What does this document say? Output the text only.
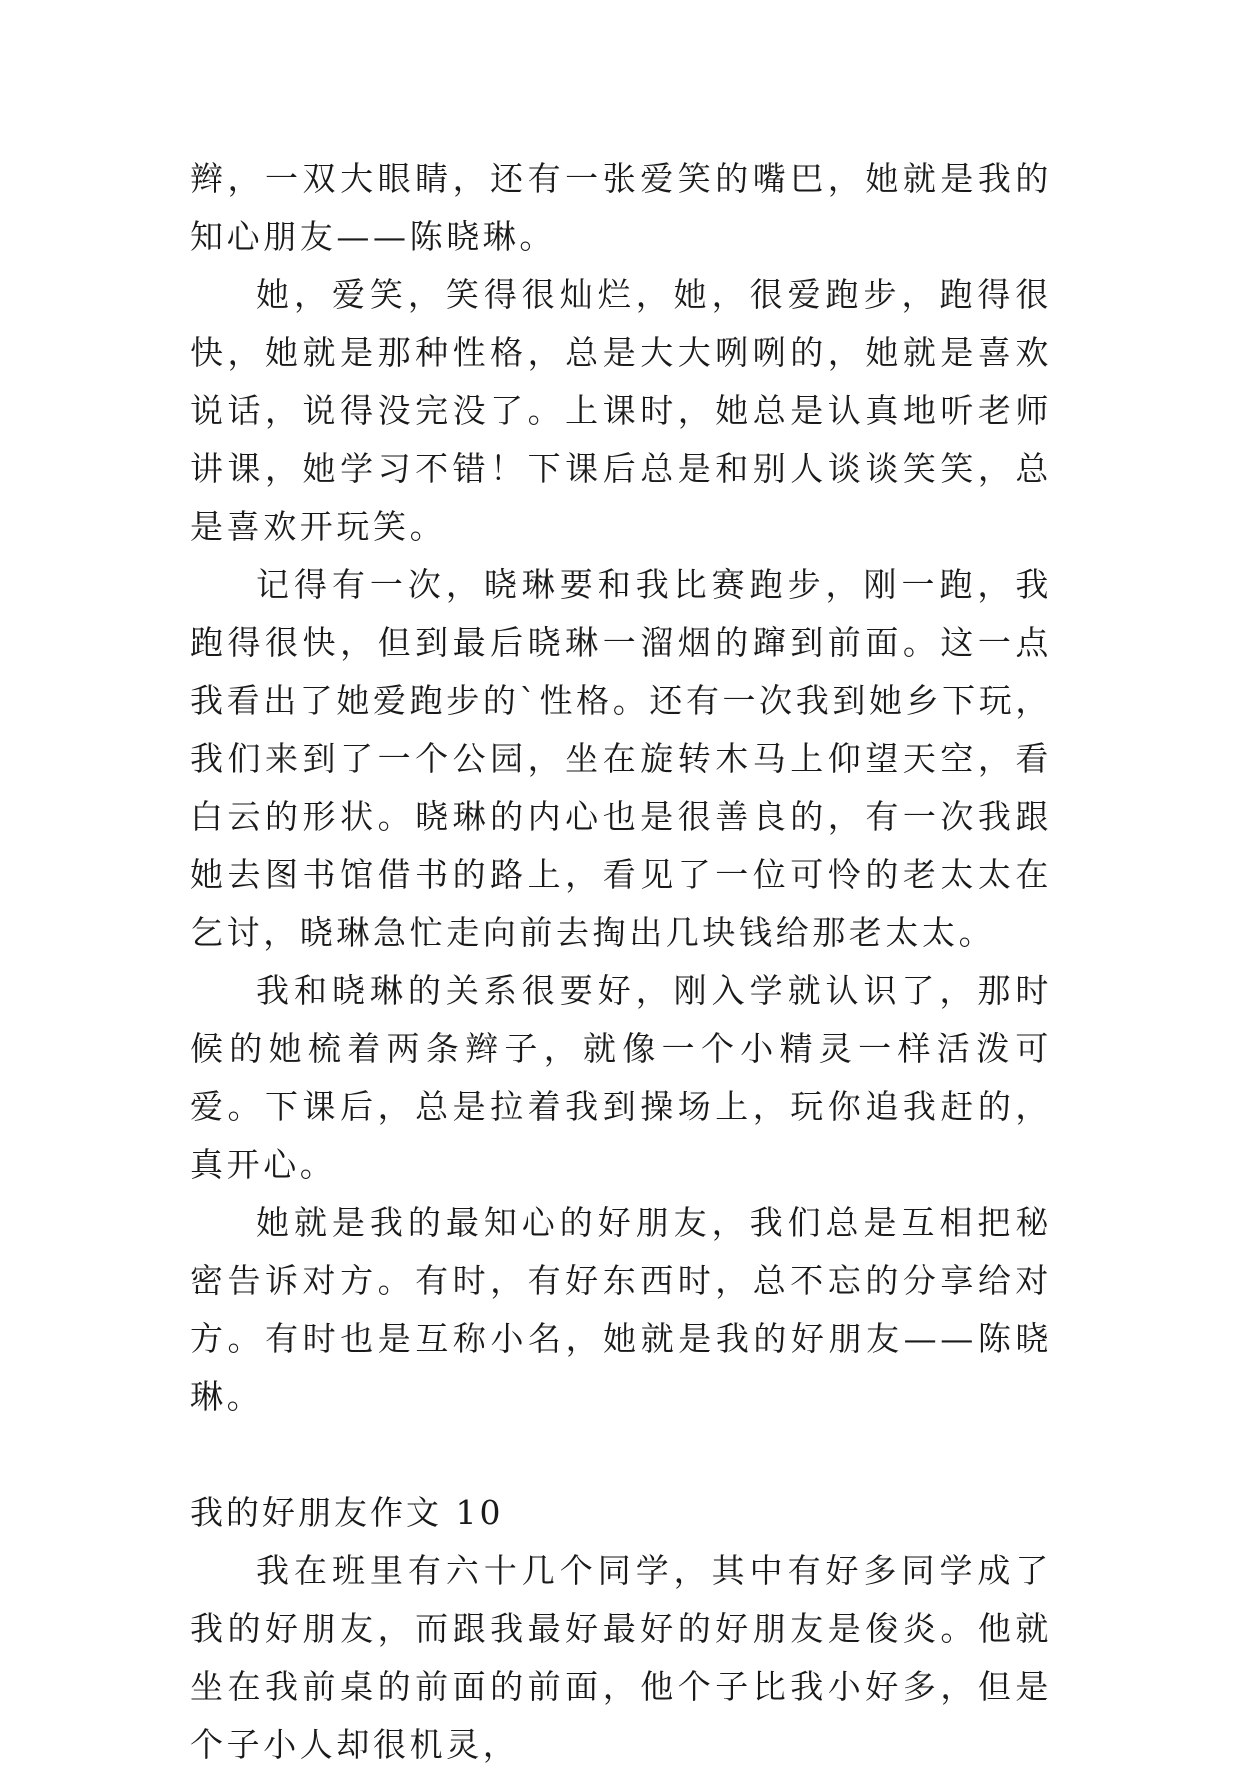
辫，一双大眼睛，还有一张爱笑的嘴巴，她就是我的知心朋友——陈晓琳。

她，爱笑，笑得很灿烂，她，很爱跑步，跑得很快，她就是那种性格，总是大大咧咧的，她就是喜欢说话，说得没完没了。上课时，她总是认真地听老师讲课，她学习不错！下课后总是和别人谈谈笑笑，总是喜欢开玩笑。

记得有一次，晓琳要和我比赛跑步，刚一跑，我跑得很快，但到最后晓琳一溜烟的蹿到前面。这一点我看出了她爱跑步的`性格。还有一次我到她乡下玩，我们来到了一个公园，坐在旋转木马上仰望天空，看白云的形状。晓琳的内心也是很善良的，有一次我跟她去图书馆借书的路上，看见了一位可怜的老太太在乞讨，晓琳急忙走向前去掏出几块钱给那老太太。

我和晓琳的关系很要好，刚入学就认识了，那时候的她梳着两条辫子，就像一个小精灵一样活泼可爱。下课后，总是拉着我到操场上，玩你追我赶的，真开心。

她就是我的最知心的好朋友，我们总是互相把秘密告诉对方。有时，有好东西时，总不忘的分享给对方。有时也是互称小名，她就是我的好朋友——陈晓琳。

我的好朋友作文 10

我在班里有六十几个同学，其中有好多同学成了我的好朋友，而跟我最好最好的好朋友是俊炎。他就坐在我前桌的前面的前面，他个子比我小好多，但是个子小人却很机灵，
